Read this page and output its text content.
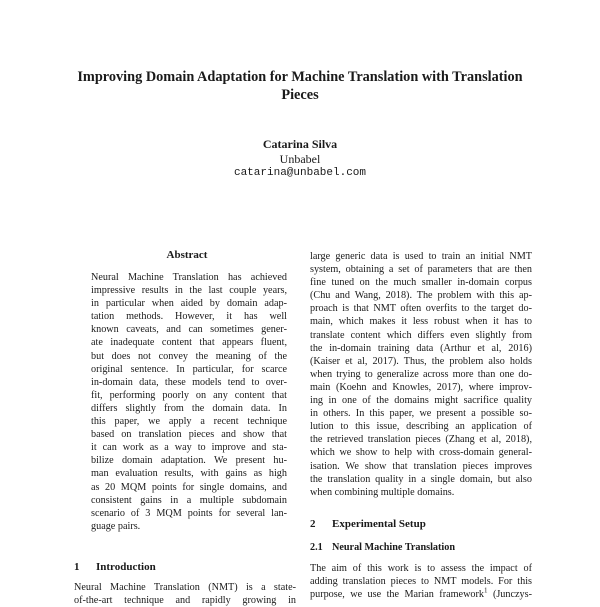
Improving Domain Adaptation for Machine Translation with Translation Pieces
Catarina Silva
Unbabel
catarina@unbabel.com
Abstract
Neural Machine Translation has achieved
impressive results in the last couple years,
in particular when aided by domain adap-
tation methods. However, it has well
known caveats, and can sometimes gener-
ate inadequate content that appears fluent,
but does not convey the meaning of the
original sentence. In particular, for scarce
in-domain data, these models tend to over-
fit, performing poorly on any content that
differs slightly from the domain data. In
this paper, we apply a recent technique
based on translation pieces and show that
it can work as a way to improve and sta-
bilize domain adaptation. We present hu-
man evaluation results, with gains as high
as 20 MQM points for single domains, and
consistent gains in a multiple subdomain
scenario of 3 MQM points for several lan-
guage pairs.
1 Introduction
Neural Machine Translation (NMT) is a state-
of-the-art technique and rapidly growing in
large generic data is used to train an initial NMT
system, obtaining a set of parameters that are then
fine tuned on the much smaller in-domain corpus
(Chu and Wang, 2018). The problem with this ap-
proach is that NMT often overfits to the target do-
main, which makes it less robust when it has to
translate content which differs even slightly from
the in-domain training data (Arthur et al, 2016)
(Kaiser et al, 2017). Thus, the problem also holds
when trying to generalize across more than one do-
main (Koehn and Knowles, 2017), where improv-
ing in one of the domains might sacrifice quality
in others. In this paper, we present a possible so-
lution to this issue, describing an application of
the retrieved translation pieces (Zhang et al, 2018),
which we show to help with cross-domain general-
isation. We show that translation pieces improves
the translation quality in a single domain, but also
when combining multiple domains.
2 Experimental Setup
2.1 Neural Machine Translation
The aim of this work is to assess the impact of
adding translation pieces to NMT models. For this
purpose, we use the Marian framework$^1$ (Junczys-
